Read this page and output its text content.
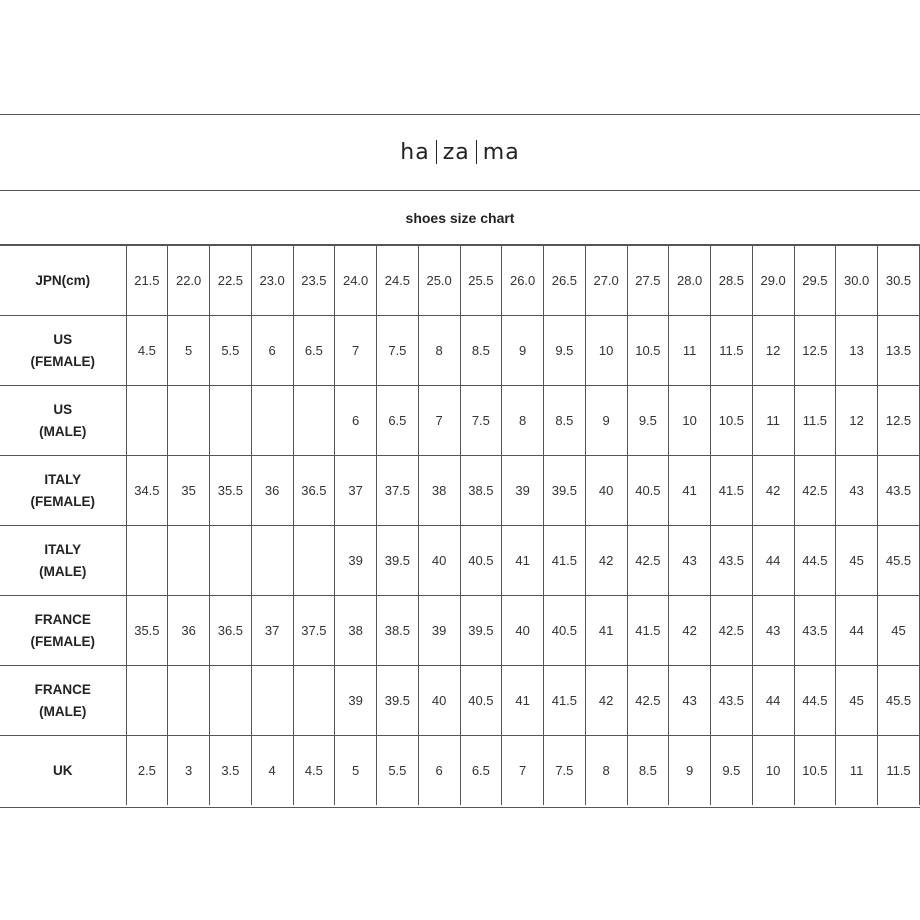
ha za ma
shoes size chart
JPN(cm)	21.5	22.0	22.5	23.0	23.5	24.0	24.5	25.0	25.5	26.0	26.5	27.0	27.5	28.0	28.5	29.0	29.5	30.0	30.5

US
(FEMALE)	4.5	5	5.5	6	6.5	7	7.5	8	8.5	9	9.5	10	10.5	11	11.5	12	12.5	13	13.5

US
(MALE)						6	6.5	7	7.5	8	8.5	9	9.5	10	10.5	11	11.5	12	12.5

ITALY
(FEMALE)	34.5	35	35.5	36	36.5	37	37.5	38	38.5	39	39.5	40	40.5	41	41.5	42	42.5	43	43.5

ITALY
(MALE)						39	39.5	40	40.5	41	41.5	42	42.5	43	43.5	44	44.5	45	45.5

FRANCE
(FEMALE)	35.5	36	36.5	37	37.5	38	38.5	39	39.5	40	40.5	41	41.5	42	42.5	43	43.5	44	45

FRANCE
(MALE)						39	39.5	40	40.5	41	41.5	42	42.5	43	43.5	44	44.5	45	45.5

UK	2.5	3	3.5	4	4.5	5	5.5	6	6.5	7	7.5	8	8.5	9	9.5	10	10.5	11	11.5
